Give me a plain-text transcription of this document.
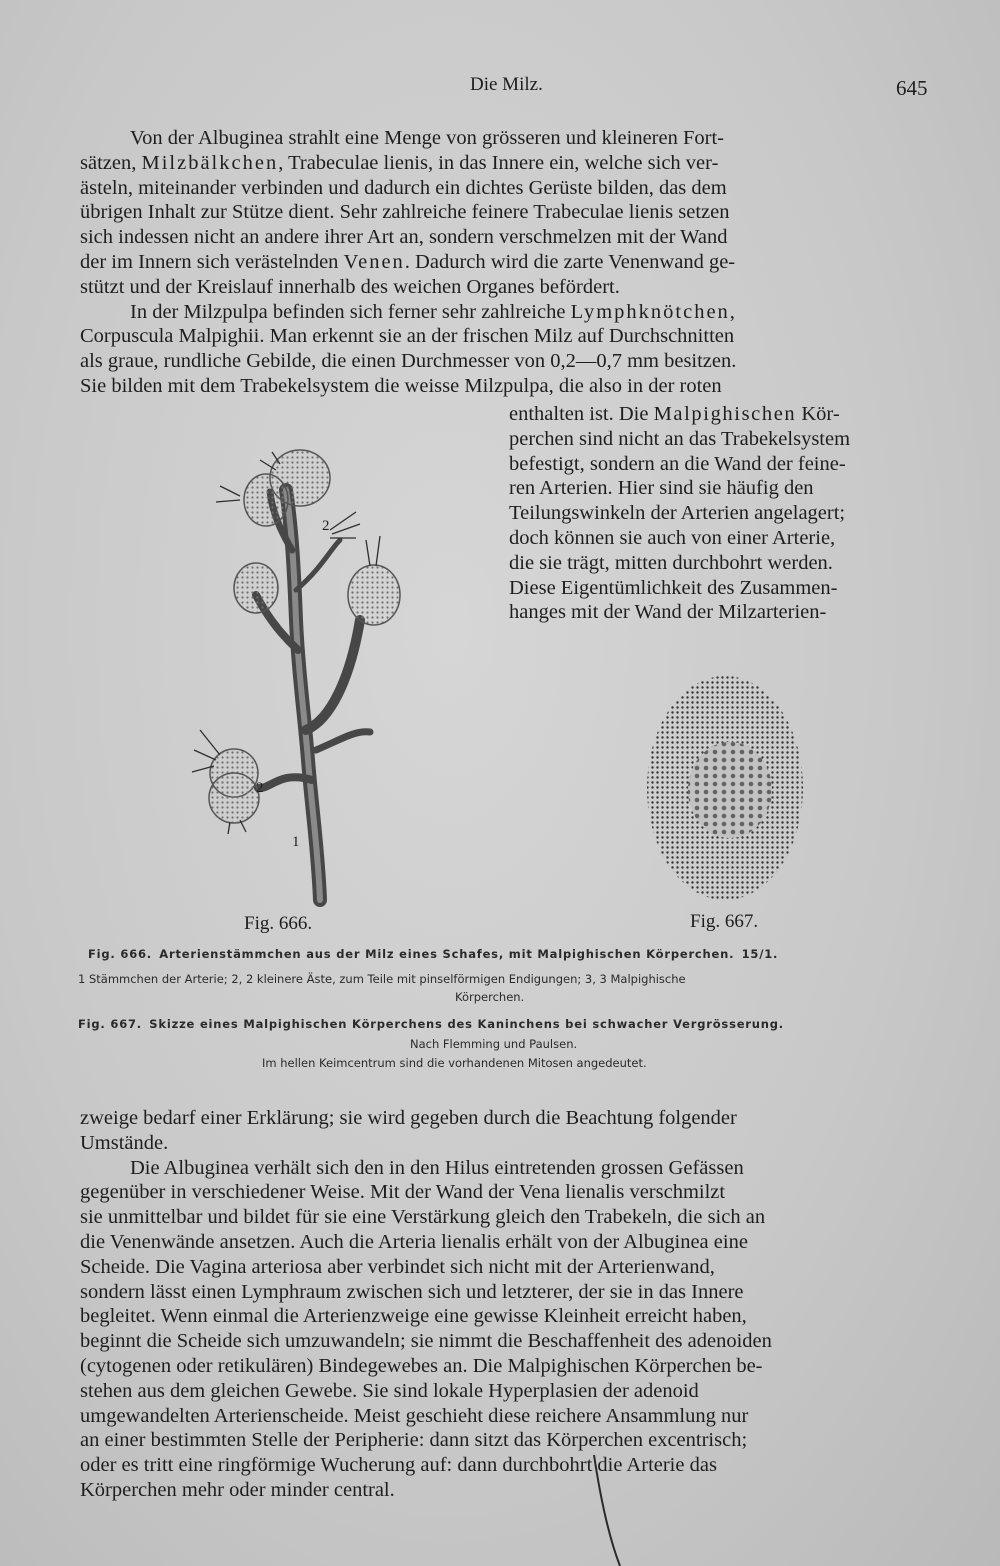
Die Milz.	645
Von der Albuginea strahlt eine Menge von grösseren und kleineren Fort-
sätzen, Milzbälkchen, Trabeculae lienis, in das Innere ein, welche sich ver-
ästeln, miteinander verbinden und dadurch ein dichtes Gerüste bilden, das dem
übrigen Inhalt zur Stütze dient. Sehr zahlreiche feinere Trabeculae lienis setzen
sich indessen nicht an andere ihrer Art an, sondern verschmelzen mit der Wand
der im Innern sich verästelnden Venen. Dadurch wird die zarte Venenwand ge-
stützt und der Kreislauf innerhalb des weichen Organes befördert.
In der Milzpulpa befinden sich ferner sehr zahlreiche Lymphknötchen,
Corpuscula Malpighii. Man erkennt sie an der frischen Milz auf Durchschnitten
als graue, rundliche Gebilde, die einen Durchmesser von 0,2—0,7 mm besitzen.
Sie bilden mit dem Trabekelsystem die weisse Milzpulpa, die also in der roten
enthalten ist. Die Malpighischen Kör-
perchen sind nicht an das Trabekelsystem
befestigt, sondern an die Wand der feine-
ren Arterien. Hier sind sie häufig den
Teilungswinkeln der Arterien angelagert;
doch können sie auch von einer Arterie,
die sie trägt, mitten durchbohrt werden.
Diese Eigentümlichkeit des Zusammen-
hanges mit der Wand der Milzarterien-
2
2
1
Fig. 666.	Fig. 667.
Fig. 666. Arterienstämmchen aus der Milz eines Schafes, mit Malpighischen Körperchen. 15/1.
1 Stämmchen der Arterie; 2, 2 kleinere Äste, zum Teile mit pinselförmigen Endigungen; 3, 3 Malpighische
Körperchen.
Fig. 667. Skizze eines Malpighischen Körperchens des Kaninchens bei schwacher Vergrösserung.
Nach Flemming und Paulsen.
Im hellen Keimcentrum sind die vorhandenen Mitosen angedeutet.
zweige bedarf einer Erklärung; sie wird gegeben durch die Beachtung folgender
Umstände.
Die Albuginea verhält sich den in den Hilus eintretenden grossen Gefässen
gegenüber in verschiedener Weise. Mit der Wand der Vena lienalis verschmilzt
sie unmittelbar und bildet für sie eine Verstärkung gleich den Trabekeln, die sich an
die Venenwände ansetzen. Auch die Arteria lienalis erhält von der Albuginea eine
Scheide. Die Vagina arteriosa aber verbindet sich nicht mit der Arterienwand,
sondern lässt einen Lymphraum zwischen sich und letzterer, der sie in das Innere
begleitet. Wenn einmal die Arterienzweige eine gewisse Kleinheit erreicht haben,
beginnt die Scheide sich umzuwandeln; sie nimmt die Beschaffenheit des adenoiden
(cytogenen oder retikulären) Bindegewebes an. Die Malpighischen Körperchen be-
stehen aus dem gleichen Gewebe. Sie sind lokale Hyperplasien der adenoid
umgewandelten Arterienscheide. Meist geschieht diese reichere Ansammlung nur
an einer bestimmten Stelle der Peripherie: dann sitzt das Körperchen excentrisch;
oder es tritt eine ringförmige Wucherung auf: dann durchbohrt die Arterie das
Körperchen mehr oder minder central.
